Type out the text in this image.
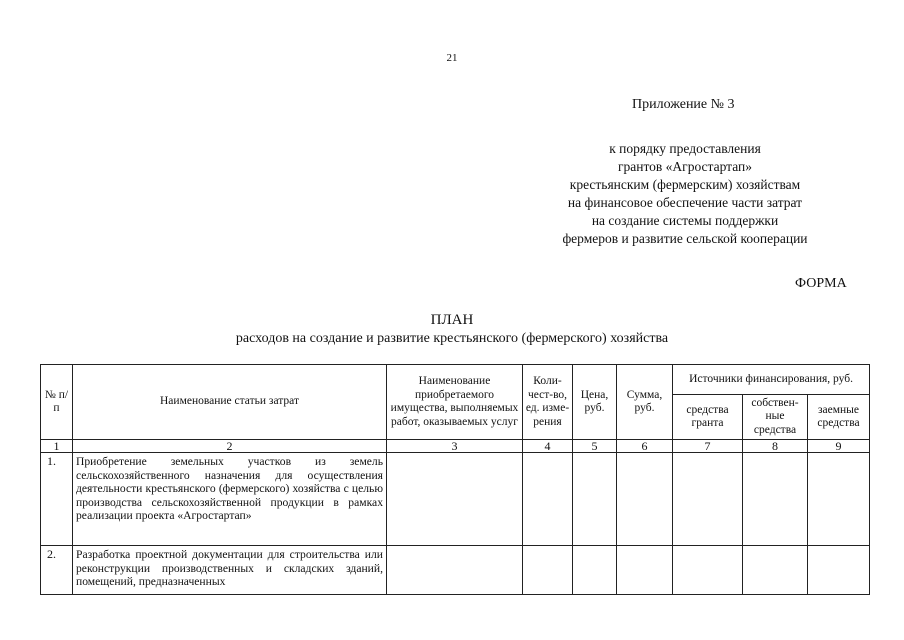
21
Приложение № 3
к порядку предоставления
грантов «Агростартап»
крестьянским (фермерским) хозяйствам
на финансовое обеспечение части затрат
на создание системы поддержки
фермеров и развитие сельской кооперации
ФОРМА
ПЛАН
расходов на создание и развитие крестьянского (фермерского) хозяйства
№ п/п	Наименование статьи затрат	Наименование приобретаемого имущества, выполняемых работ, оказываемых услуг	Коли-чест-во, ед. изме-рения	Цена, руб.	Сумма, руб.	Источники финансирования, руб.		
						средства гранта	собствен-ные средства	заемные средства
1	2	3	4	5	6	7	8	9
1.	Приобретение земельных участков из земель сельскохозяйственного назначения для осуществления деятельности крестьянского (фермерского) хозяйства с целью производства сельскохозяйственной продукции в рамках реализации проекта «Агростартап»							
2.	Разработка проектной документации для строительства или реконструкции производственных и складских зданий, помещений, предназначенных							
